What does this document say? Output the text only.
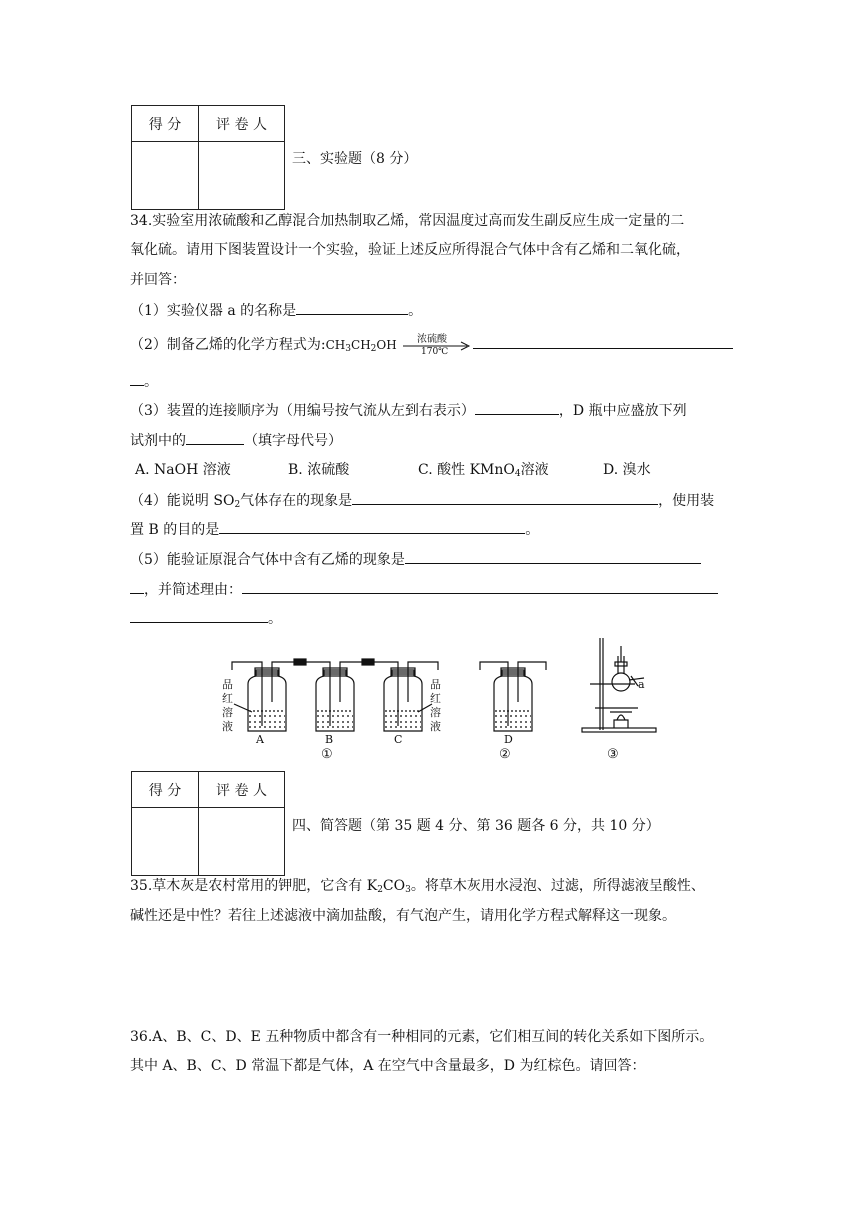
得 分	评 卷 人

三、实验题（8 分）
34.实验室用浓硫酸和乙醇混合加热制取乙烯，常因温度过高而发生副反应生成一定量的二
氧化硫。请用下图装置设计一个实验，验证上述反应所得混合气体中含有乙烯和二氧化硫，
并回答：
（1）实验仪器 a 的名称是	。
（2）制备乙烯的化学方程式为$:CH_3CH_2OH$ 浓硫酸
170℃
。
（3）装置的连接顺序为（用编号按气流从左到右表示）	，D 瓶中应盛放下列
试剂中的	（填字母代号）
A. NaOH 溶液	B. 浓硫酸	C. 酸性 KMnO$_4$溶液	D. 溴水
（4）能说明 $SO_2$气体存在的现象是	，使用装
置 B 的目的是	。
（5）能验证原混合气体中含有乙烯的现象是
，并简述理由：
。
品
红
溶
液
品
红
溶
液
A	B	C	D
a
①	②	③
得 分	评 卷 人

四、简答题（第 35 题 4 分、第 36 题各 6 分，共 10 分）
35.草木灰是农村常用的钾肥，它含有 $K_2CO_3$。将草木灰用水浸泡、过滤，所得滤液呈酸性、
碱性还是中性？若往上述滤液中滴加盐酸，有气泡产生，请用化学方程式解释这一现象。
36.A、B、C、D、E 五种物质中都含有一种相同的元素，它们相互间的转化关系如下图所示。
其中 A、B、C、D 常温下都是气体，A 在空气中含量最多，D 为红棕色。请回答：
